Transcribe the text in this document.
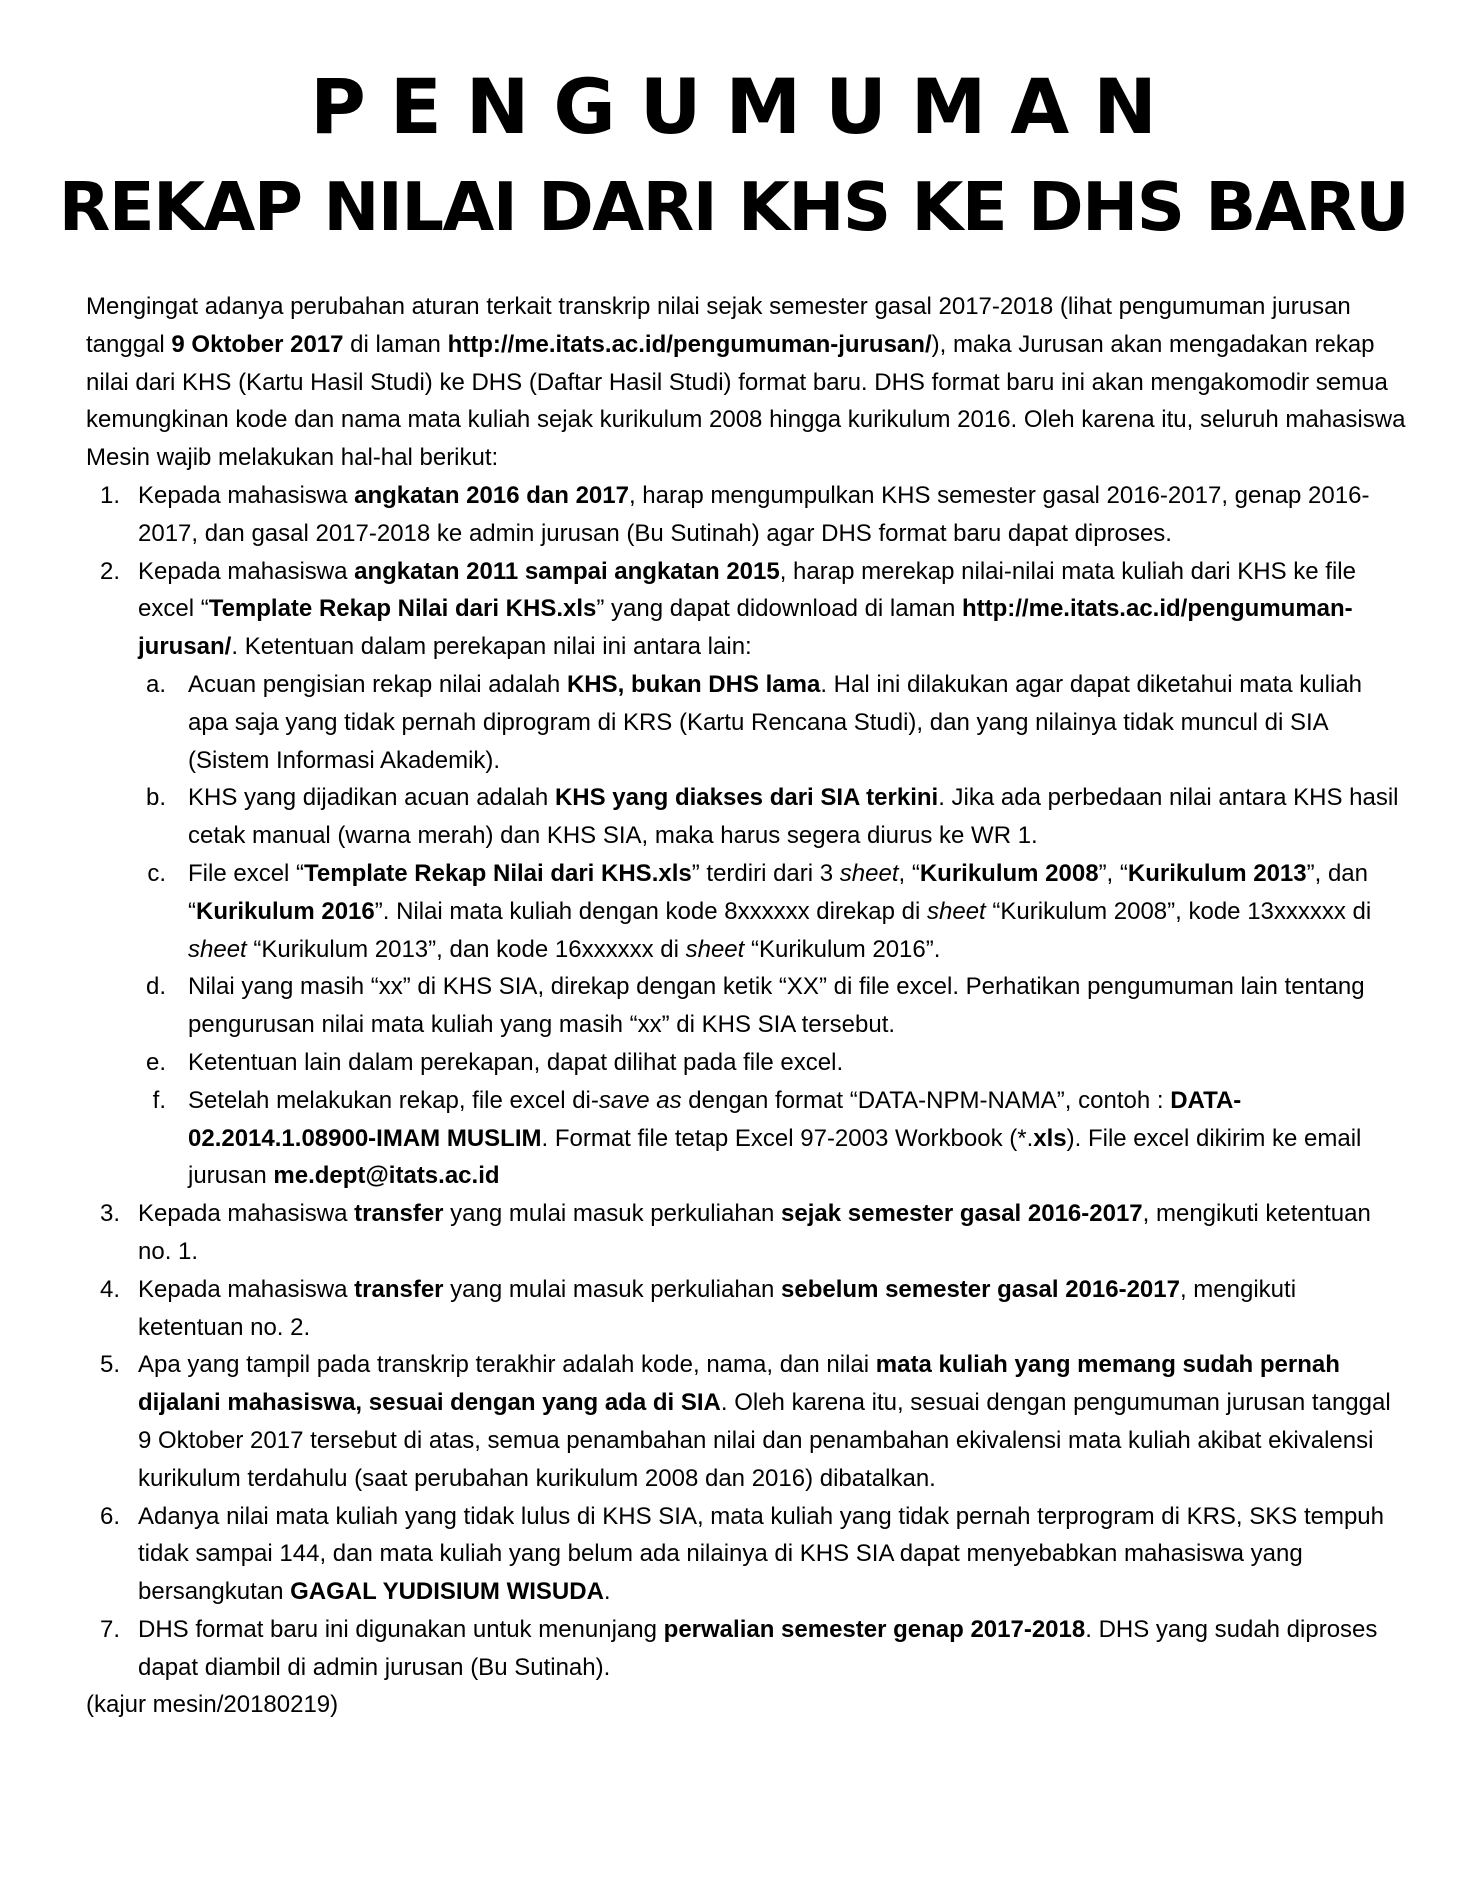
PENGUMUMAN
REKAP NILAI DARI KHS KE DHS BARU

Mengingat adanya perubahan aturan terkait transkrip nilai sejak semester gasal 2017-2018 (lihat pengumuman jurusan tanggal 9 Oktober 2017 di laman http://me.itats.ac.id/pengumuman-jurusan/), maka Jurusan akan mengadakan rekap nilai dari KHS (Kartu Hasil Studi) ke DHS (Daftar Hasil Studi) format baru. DHS format baru ini akan mengakomodir semua kemungkinan kode dan nama mata kuliah sejak kurikulum 2008 hingga kurikulum 2016. Oleh karena itu, seluruh mahasiswa Mesin wajib melakukan hal-hal berikut:

1. Kepada mahasiswa angkatan 2016 dan 2017, harap mengumpulkan KHS semester gasal 2016-2017, genap 2016-2017, dan gasal 2017-2018 ke admin jurusan (Bu Sutinah) agar DHS format baru dapat diproses.
2. Kepada mahasiswa angkatan 2011 sampai angkatan 2015, harap merekap nilai-nilai mata kuliah dari KHS ke file excel “Template Rekap Nilai dari KHS.xls” yang dapat didownload di laman http://me.itats.ac.id/pengumuman-jurusan/. Ketentuan dalam perekapan nilai ini antara lain:
a. Acuan pengisian rekap nilai adalah KHS, bukan DHS lama. Hal ini dilakukan agar dapat diketahui mata kuliah apa saja yang tidak pernah diprogram di KRS (Kartu Rencana Studi), dan yang nilainya tidak muncul di SIA (Sistem Informasi Akademik).
b. KHS yang dijadikan acuan adalah KHS yang diakses dari SIA terkini. Jika ada perbedaan nilai antara KHS hasil cetak manual (warna merah) dan KHS SIA, maka harus segera diurus ke WR 1.
c. File excel “Template Rekap Nilai dari KHS.xls” terdiri dari 3 sheet, “Kurikulum 2008”, “Kurikulum 2013”, dan “Kurikulum 2016”. Nilai mata kuliah dengan kode 8xxxxxx direkap di sheet “Kurikulum 2008”, kode 13xxxxxx di sheet “Kurikulum 2013”, dan kode 16xxxxxx di sheet “Kurikulum 2016”.
d. Nilai yang masih “xx” di KHS SIA, direkap dengan ketik “XX” di file excel. Perhatikan pengumuman lain tentang pengurusan nilai mata kuliah yang masih “xx” di KHS SIA tersebut.
e. Ketentuan lain dalam perekapan, dapat dilihat pada file excel.
f. Setelah melakukan rekap, file excel di-save as dengan format “DATA-NPM-NAMA”, contoh : DATA-02.2014.1.08900-IMAM MUSLIM. Format file tetap Excel 97-2003 Workbook (*.xls). File excel dikirim ke email jurusan me.dept@itats.ac.id
3. Kepada mahasiswa transfer yang mulai masuk perkuliahan sejak semester gasal 2016-2017, mengikuti ketentuan no. 1.
4. Kepada mahasiswa transfer yang mulai masuk perkuliahan sebelum semester gasal 2016-2017, mengikuti ketentuan no. 2.
5. Apa yang tampil pada transkrip terakhir adalah kode, nama, dan nilai mata kuliah yang memang sudah pernah dijalani mahasiswa, sesuai dengan yang ada di SIA. Oleh karena itu, sesuai dengan pengumuman jurusan tanggal 9 Oktober 2017 tersebut di atas, semua penambahan nilai dan penambahan ekivalensi mata kuliah akibat ekivalensi kurikulum terdahulu (saat perubahan kurikulum 2008 dan 2016) dibatalkan.
6. Adanya nilai mata kuliah yang tidak lulus di KHS SIA, mata kuliah yang tidak pernah terprogram di KRS, SKS tempuh tidak sampai 144, dan mata kuliah yang belum ada nilainya di KHS SIA dapat menyebabkan mahasiswa yang bersangkutan GAGAL YUDISIUM WISUDA.
7. DHS format baru ini digunakan untuk menunjang perwalian semester genap 2017-2018. DHS yang sudah diproses dapat diambil di admin jurusan (Bu Sutinah).

(kajur mesin/20180219)
